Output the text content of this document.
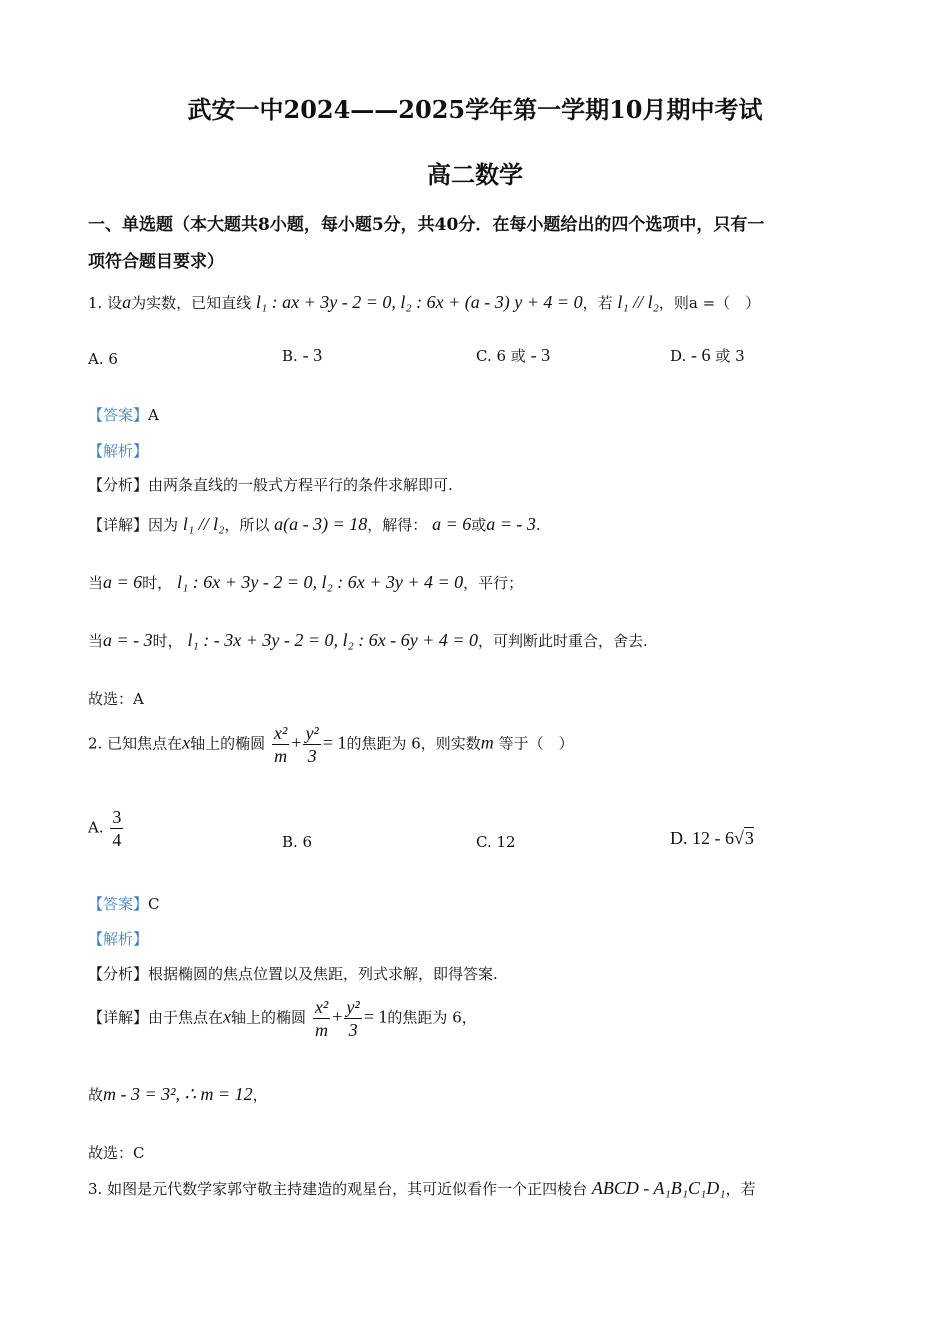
武安一中2024——2025学年第一学期10月期中考试
高二数学
一、单选题（本大题共8小题，每小题5分，共40分．在每小题给出的四个选项中，只有一
项符合题目要求）
1. 设a为实数，已知直线 l₁ : ax + 3y - 2 = 0, l₂ : 6x + (a - 3) y + 4 = 0，若 l₁ // l₂，则a =（　）
A. 6	B. - 3	C. 6 或 - 3	D. - 6 或 3
【答案】A
【解析】
【分析】由两条直线的一般式方程平行的条件求解即可.
【详解】因为 l₁ // l₂，所以 a(a - 3) = 18，解得： a = 6或a = - 3.
当a = 6时， l₁ : 6x + 3y - 2 = 0, l₂ : 6x + 3y + 4 = 0，平行；
当a = - 3时， l₁ : - 3x + 3y - 2 = 0, l₂ : 6x - 6y + 4 = 0，可判断此时重合，舍去.
故选：A
2. 已知焦点在x轴上的椭圆 $\frac{\text{x²}}{m} + \frac{\text{y²}}{3} = 1$的焦距为 6，则实数m 等于（　）
A. $\frac{3}{4}$	B. 6	C. 12	D. 12 - 6√3
【答案】C
【解析】
【分析】根据椭圆的焦点位置以及焦距，列式求解，即得答案.
【详解】由于焦点在x轴上的椭圆 $\frac{\text{x²}}{m} + \frac{\text{y²}}{3} = 1$的焦距为 6，
故m - 3 = 3², ∴ m = 12，
故选：C
3. 如图是元代数学家郭守敬主持建造的观星台，其可近似看作一个正四棱台 ABCD - A₁B₁C₁D₁，若
